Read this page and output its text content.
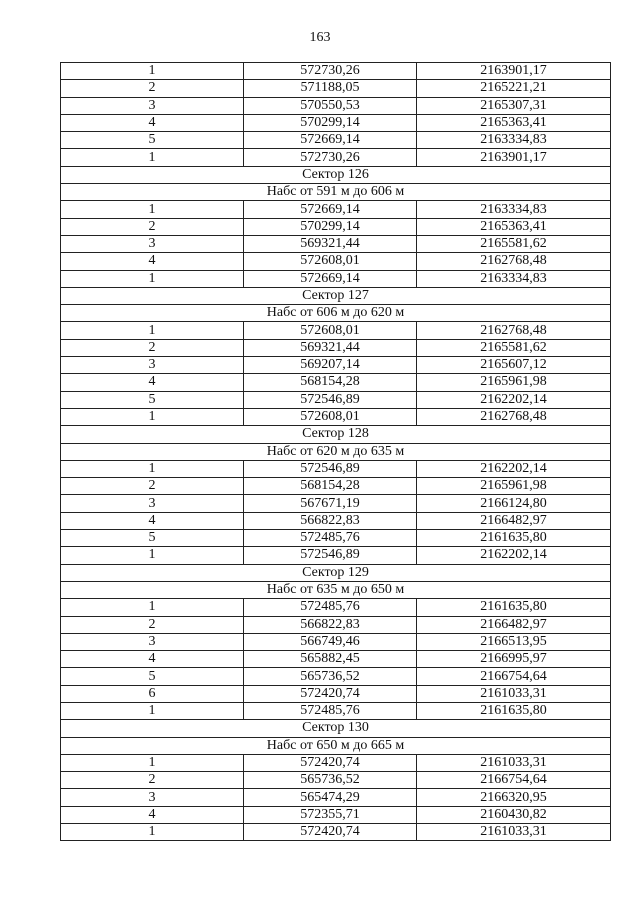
163
1	572730,26	2163901,17
2	571188,05	2165221,21
3	570550,53	2165307,31
4	570299,14	2165363,41
5	572669,14	2163334,83
1	572730,26	2163901,17
Сектор 126		
Набс от 591 м до 606 м		
1	572669,14	2163334,83
2	570299,14	2165363,41
3	569321,44	2165581,62
4	572608,01	2162768,48
1	572669,14	2163334,83
Сектор 127		
Набс от 606 м до 620 м		
1	572608,01	2162768,48
2	569321,44	2165581,62
3	569207,14	2165607,12
4	568154,28	2165961,98
5	572546,89	2162202,14
1	572608,01	2162768,48
Сектор 128		
Набс от 620 м до 635 м		
1	572546,89	2162202,14
2	568154,28	2165961,98
3	567671,19	2166124,80
4	566822,83	2166482,97
5	572485,76	2161635,80
1	572546,89	2162202,14
Сектор 129		
Набс от 635 м до 650 м		
1	572485,76	2161635,80
2	566822,83	2166482,97
3	566749,46	2166513,95
4	565882,45	2166995,97
5	565736,52	2166754,64
6	572420,74	2161033,31
1	572485,76	2161635,80
Сектор 130		
Набс от 650 м до 665 м		
1	572420,74	2161033,31
2	565736,52	2166754,64
3	565474,29	2166320,95
4	572355,71	2160430,82
1	572420,74	2161033,31
